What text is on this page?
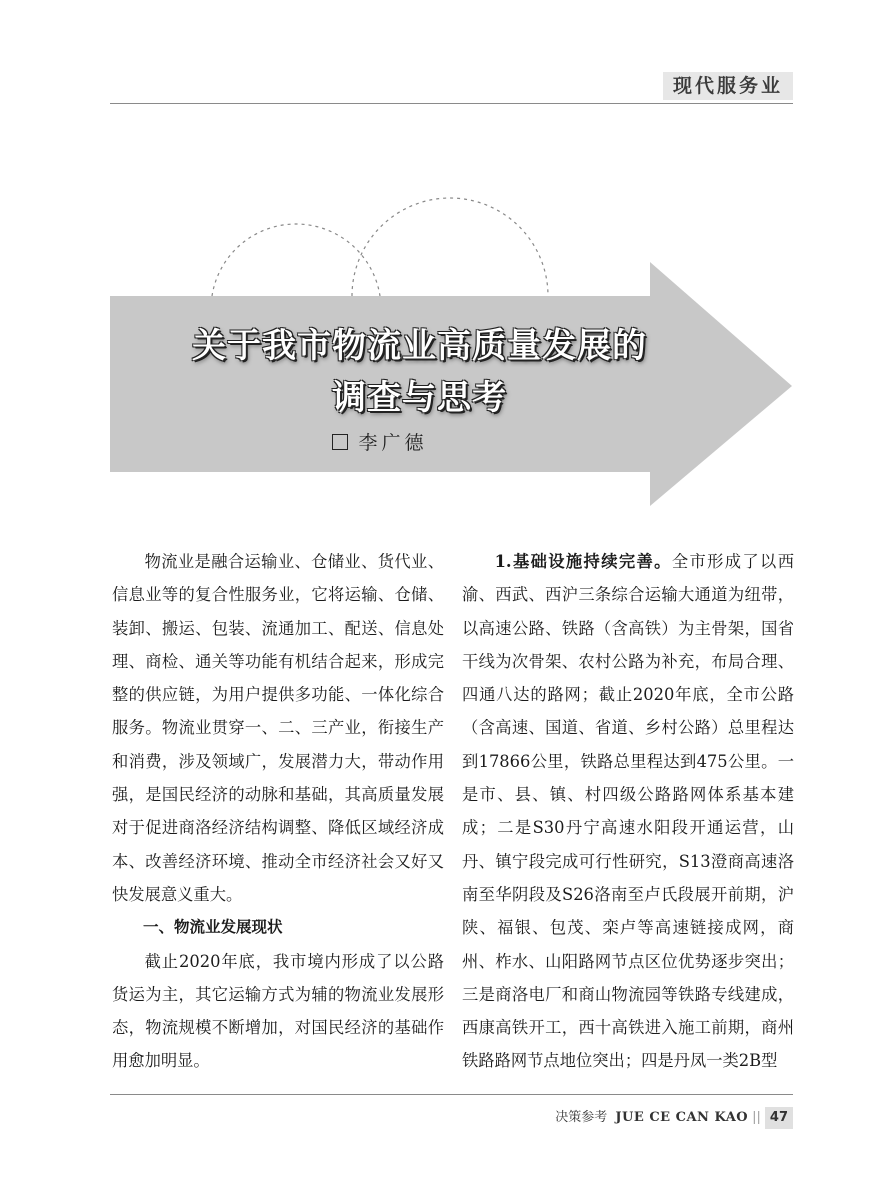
现代服务业
关于我市物流业高质量发展的
调查与思考
李广德

物流业是融合运输业、仓储业、货代业、信息业等的复合性服务业，它将运输、仓储、装卸、搬运、包装、流通加工、配送、信息处理、商检、通关等功能有机结合起来，形成完整的供应链，为用户提供多功能、一体化综合服务。物流业贯穿一、二、三产业，衔接生产和消费，涉及领域广，发展潜力大，带动作用强，是国民经济的动脉和基础，其高质量发展对于促进商洛经济结构调整、降低区域经济成本、改善经济环境、推动全市经济社会又好又快发展意义重大。

一、物流业发展现状

截止2020年底，我市境内形成了以公路货运为主，其它运输方式为辅的物流业发展形态，物流规模不断增加，对国民经济的基础作用愈加明显。

1.基础设施持续完善。全市形成了以西渝、西武、西沪三条综合运输大通道为纽带，以高速公路、铁路（含高铁）为主骨架，国省干线为次骨架、农村公路为补充，布局合理、四通八达的路网；截止2020年底，全市公路（含高速、国道、省道、乡村公路）总里程达到17866公里，铁路总里程达到475公里。一是市、县、镇、村四级公路路网体系基本建成；二是S30丹宁高速水阳段开通运营，山丹、镇宁段完成可行性研究，S13澄商高速洛南至华阴段及S26洛南至卢氏段展开前期，沪陕、福银、包茂、栾卢等高速链接成网，商州、柞水、山阳路网节点区位优势逐步突出；三是商洛电厂和商山物流园等铁路专线建成，西康高铁开工，西十高铁进入施工前期，商州铁路路网节点地位突出；四是丹凤一类2B型

决策参考 JUE CE CAN KAO || 47
